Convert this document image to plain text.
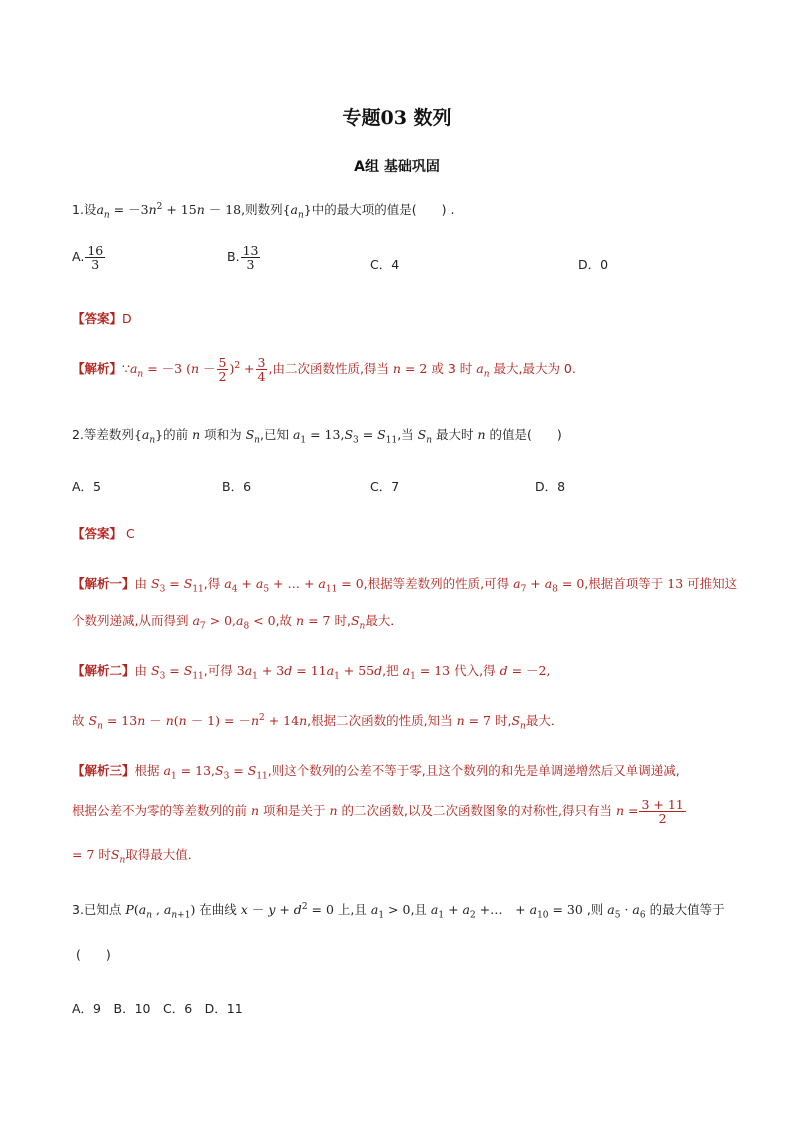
专题03 数列
A组 基础巩固
1.设$a_n = -3n^2 + 15n - 18$,则数列$\{a_n\}$中的最大项的值是(　　) .
A. $\frac{16}{3}$	B. $\frac{13}{3}$	C．4	D．0
【答案】D
【解析】$\because a_n = -3$ $(n - \frac{5}{2} )^2 + \frac{3}{4}$ ,由二次函数性质,得当 n = 2 或 3 时 $a_n$ 最大,最大为 0.
2.等差数列$\{a_n\}$的前 n 项和为 $S_n$,已知 $a_1 = 13,S_3 = S_{11}$,当 $S_n$ 最大时 n 的值是(　　)
A．5	B．6	C．7	D．8
【答案】 C
【解析一】由 $S_3 = S_{11}$,得 $a_4 + a_5$ + … + $a_{11} = 0$,根据等差数列的性质,可得 $a_7 + a_8 = 0$,根据首项等于 13 可推知这
个数列递减,从而得到 $a_7 > 0,a_8 < 0$,故 n = 7 时$,S_n$最大．
【解析二】由 $S_3 = S_{11}$,可得 $3a_1 + 3d = 11a_1 + 55d$,把 $a_1 = 13$ 代入,得 d = －2,
故 $S_n = 13n - n(n - 1) = -n^2 + 14n$,根据二次函数的性质,知当 n = 7 时$,S_n$最大．
【解析三】根据 $a_1 = 13,S_3 = S_{11}$,则这个数列的公差不等于零,且这个数列的和先是单调递增然后又单调递减,
根据公差不为零的等差数列的前 n 项和是关于 n 的二次函数,以及二次函数图象的对称性,得只有当 $n = \frac{3 + 11}{2}$
= 7 时$S_n$取得最大值．
3.已知点 $P(a_n$ , $a_{n+1}$) 在曲线 $x - y + d^2 = 0$ 上,且 $a_1 > 0$,且 $a_1 + a_2$ +…　+ $a_{10} = 30$ ,则 $a_5 \cdot a_6$ 的最大值等于
(　　)
A．9　B．10　C．6　D．11
